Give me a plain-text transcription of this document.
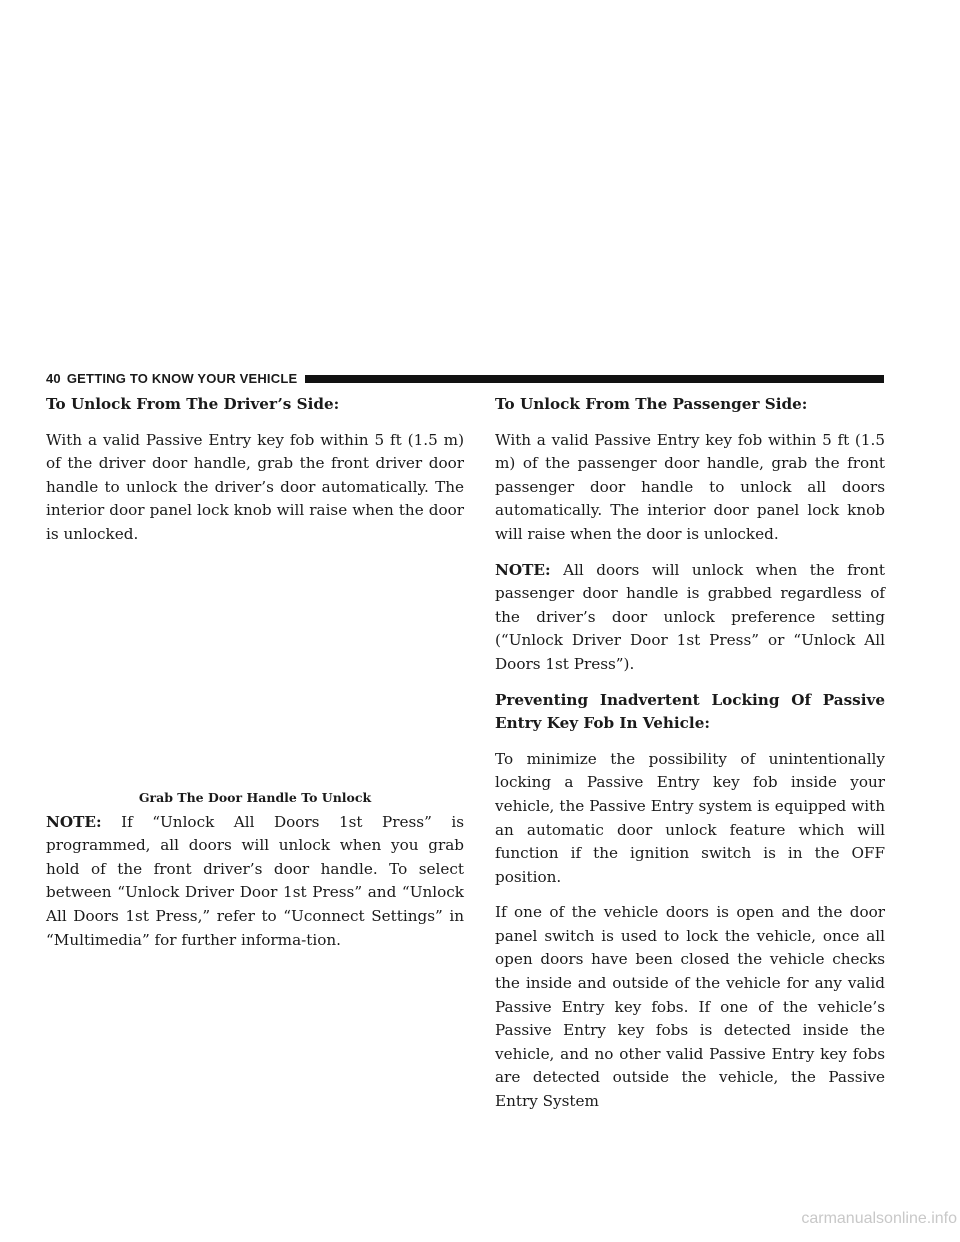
40 GETTING TO KNOW YOUR VEHICLE

To Unlock From The Driver’s Side:

With a valid Passive Entry key fob within 5 ft (1.5 m) of the driver door handle, grab the front driver door handle to unlock the driver’s door automatically. The interior door panel lock knob will raise when the door is unlocked.

Grab The Door Handle To Unlock

NOTE: If “Unlock All Doors 1st Press” is programmed, all doors will unlock when you grab hold of the front driver’s door handle. To select between “Unlock Driver Door 1st Press” and “Unlock All Doors 1st Press,” refer to “Uconnect Settings” in “Multimedia” for further informa-tion.

To Unlock From The Passenger Side:

With a valid Passive Entry key fob within 5 ft (1.5 m) of the passenger door handle, grab the front passenger door handle to unlock all doors automatically. The interior door panel lock knob will raise when the door is unlocked.

NOTE: All doors will unlock when the front passenger door handle is grabbed regardless of the driver’s door unlock preference setting (“Unlock Driver Door 1st Press” or “Unlock All Doors 1st Press”).

Preventing Inadvertent Locking Of Passive Entry Key Fob In Vehicle:

To minimize the possibility of unintentionally locking a Passive Entry key fob inside your vehicle, the Passive Entry system is equipped with an automatic door unlock feature which will function if the ignition switch is in the OFF position.

If one of the vehicle doors is open and the door panel switch is used to lock the vehicle, once all open doors have been closed the vehicle checks the inside and outside of the vehicle for any valid Passive Entry key fobs. If one of the vehicle’s Passive Entry key fobs is detected inside the vehicle, and no other valid Passive Entry key fobs are detected outside the vehicle, the Passive Entry System

carmanualsonline.info
